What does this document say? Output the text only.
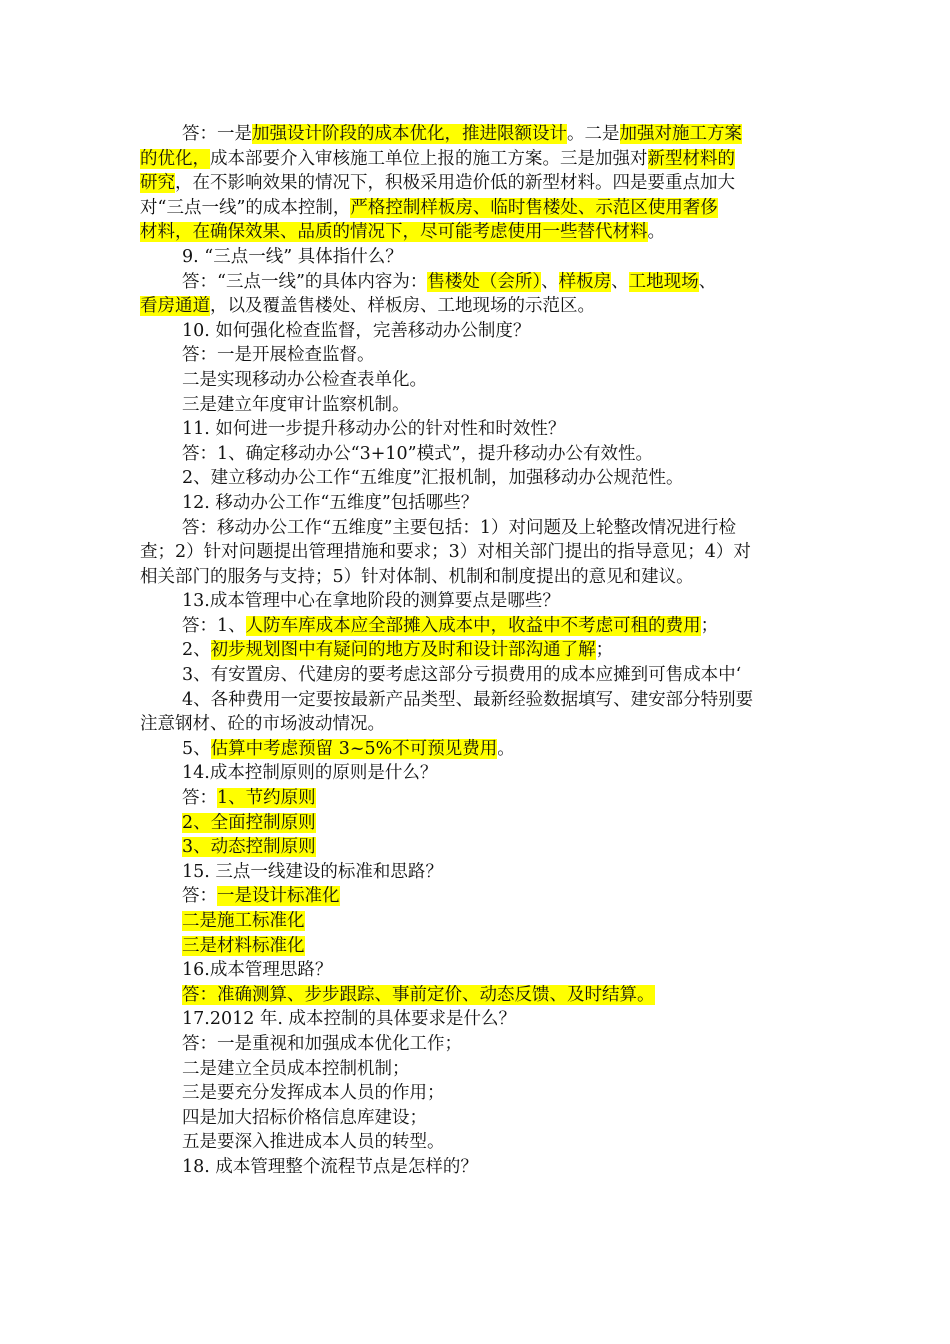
答：一是加强设计阶段的成本优化，推进限额设计。二是加强对施工方案
的优化，成本部要介入审核施工单位上报的施工方案。三是加强对新型材料的
研究，在不影响效果的情况下，积极采用造价低的新型材料。四是要重点加大
对“三点一线”的成本控制，严格控制样板房、临时售楼处、示范区使用奢侈
材料，在确保效果、品质的情况下，尽可能考虑使用一些替代材料。
9. “三点一线” 具体指什么？
答：“三点一线”的具体内容为：售楼处（会所）、样板房、工地现场、
看房通道，以及覆盖售楼处、样板房、工地现场的示范区。
10. 如何强化检查监督，完善移动办公制度？
答：一是开展检查监督。
二是实现移动办公检查表单化。
三是建立年度审计监察机制。
11. 如何进一步提升移动办公的针对性和时效性？
答：1、确定移动办公“3+10”模式”，提升移动办公有效性。
2、建立移动办公工作“五维度”汇报机制，加强移动办公规范性。
12. 移动办公工作“五维度”包括哪些？
答：移动办公工作“五维度”主要包括：1）对问题及上轮整改情况进行检
查；2）针对问题提出管理措施和要求；3）对相关部门提出的指导意见；4）对
相关部门的服务与支持；5）针对体制、机制和制度提出的意见和建议。
13.成本管理中心在拿地阶段的测算要点是哪些？
答：1、人防车库成本应全部摊入成本中，收益中不考虑可租的费用；
2、初步规划图中有疑问的地方及时和设计部沟通了解；
3、有安置房、代建房的要考虑这部分亏损费用的成本应摊到可售成本中‘
4、各种费用一定要按最新产品类型、最新经验数据填写、建安部分特别要
注意钢材、砼的市场波动情况。
5、估算中考虑预留 3~5%不可预见费用。
14.成本控制原则的原则是什么？
答：1、节约原则
2、全面控制原则
3、动态控制原则
15. 三点一线建设的标准和思路？
答：一是设计标准化
二是施工标准化
三是材料标准化
16.成本管理思路？
答：准确测算、步步跟踪、事前定价、动态反馈、及时结算。
17.2012 年. 成本控制的具体要求是什么？
答：一是重视和加强成本优化工作；
二是建立全员成本控制机制；
三是要充分发挥成本人员的作用；
四是加大招标价格信息库建设；
五是要深入推进成本人员的转型。
18. 成本管理整个流程节点是怎样的？
